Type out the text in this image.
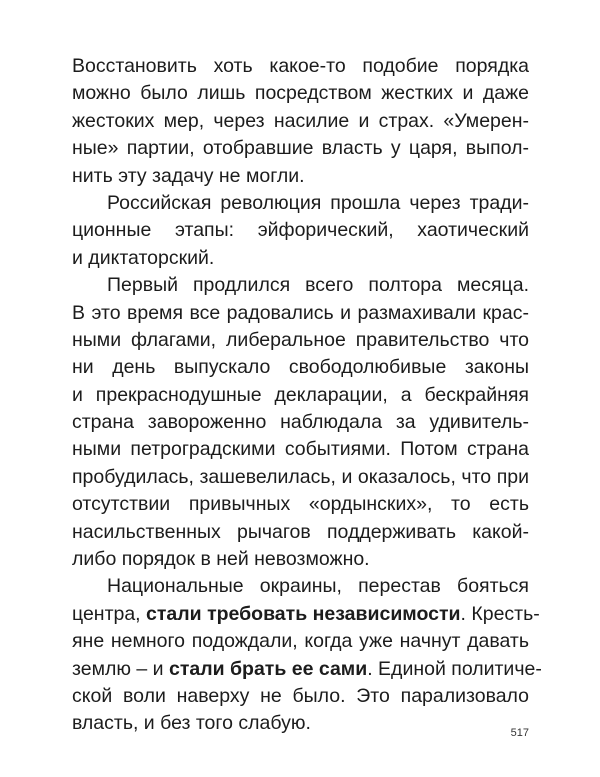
Восстановить хоть какое-то подобие порядка
можно было лишь посредством жестких и даже
жестоких мер, через насилие и страх. «Умерен-
ные» партии, отобравшие власть у царя, выпол-
нить эту задачу не могли.
Российская революция прошла через тради-
ционные этапы: эйфорический, хаотический
и диктаторский.
Первый продлился всего полтора месяца.
В это время все радовались и размахивали крас-
ными флагами, либеральное правительство что
ни день выпускало свободолюбивые законы
и прекраснодушные декларации, а бескрайняя
страна завороженно наблюдала за удивитель-
ными петроградскими событиями. Потом страна
пробудилась, зашевелилась, и оказалось, что при
отсутствии привычных «ордынских», то есть
насильственных рычагов поддерживать какой-
либо порядок в ней невозможно.
Национальные окраины, перестав бояться
центра, стали требовать независимости. Кресть-
яне немного подождали, когда уже начнут давать
землю – и стали брать ее сами. Единой политиче-
ской воли наверху не было. Это парализовало
власть, и без того слабую.	517
